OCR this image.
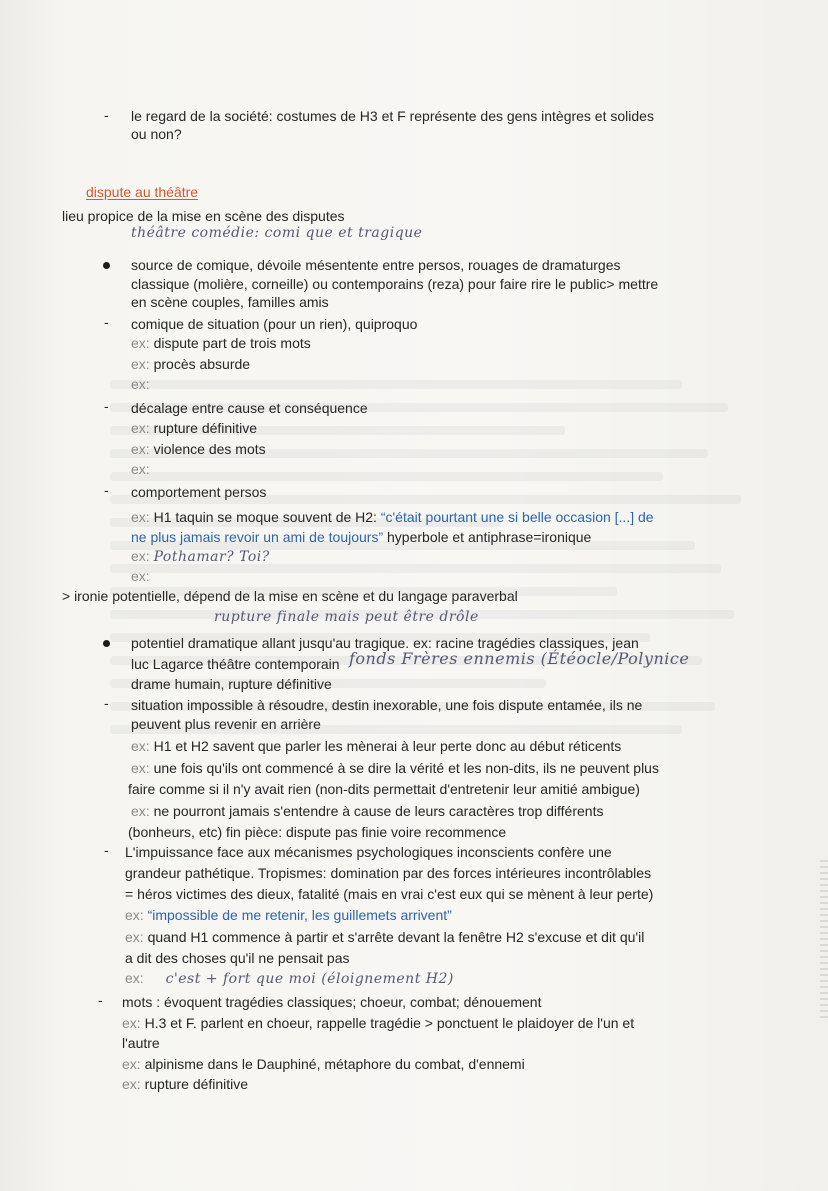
- le regard de la société: costumes de H3 et F représente des gens intègres et solides
ou non?
dispute au théâtre
lieu propice de la mise en scène des disputes
théâtre comédie: comi que et tragique
source de comique, dévoile mésentente entre persos, rouages de dramaturges
classique (molière, corneille) ou contemporains (reza) pour faire rire le public> mettre
en scène couples, familles amis
- comique de situation (pour un rien), quiproquo
ex: dispute part de trois mots
ex: procès absurde
ex:
- décalage entre cause et conséquence
ex: rupture définitive
ex: violence des mots
ex:
- comportement persos
ex: H1 taquin se moque souvent de H2: “c'était pourtant une si belle occasion [...] de
ne plus jamais revoir un ami de toujours” hyperbole et antiphrase=ironique
ex: Pothamar? Toi?
ex:
> ironie potentielle, dépend de la mise en scène et du langage paraverbal
rupture finale mais peut être drôle
potentiel dramatique allant jusqu'au tragique. ex: racine tragédies classiques, jean
luc Lagarce théâtre contemporain fonds Frères ennemis (Étéocle/Polynice
drame humain, rupture définitive
- situation impossible à résoudre, destin inexorable, une fois dispute entamée, ils ne
peuvent plus revenir en arrière
ex: H1 et H2 savent que parler les mènerai à leur perte donc au début réticents
ex: une fois qu'ils ont commencé à se dire la vérité et les non-dits, ils ne peuvent plus
faire comme si il n'y avait rien (non-dits permettait d'entretenir leur amitié ambigue)
ex: ne pourront jamais s'entendre à cause de leurs caractères trop différents
(bonheurs, etc) fin pièce: dispute pas finie voire recommence
- L'impuissance face aux mécanismes psychologiques inconscients confère une
grandeur pathétique. Tropismes: domination par des forces intérieures incontrôlables
= héros victimes des dieux, fatalité (mais en vrai c'est eux qui se mènent à leur perte)
ex: “impossible de me retenir, les guillemets arrivent”
ex: quand H1 commence à partir et s'arrête devant la fenêtre H2 s'excuse et dit qu'il
a dit des choses qu'il ne pensait pas
ex: c'est + fort que moi (éloignement H2)
- mots : évoquent tragédies classiques; choeur, combat; dénouement
ex: H.3 et F. parlent en choeur, rappelle tragédie > ponctuent le plaidoyer de l'un et
l'autre
ex: alpinisme dans le Dauphiné, métaphore du combat, d'ennemi
ex: rupture définitive
